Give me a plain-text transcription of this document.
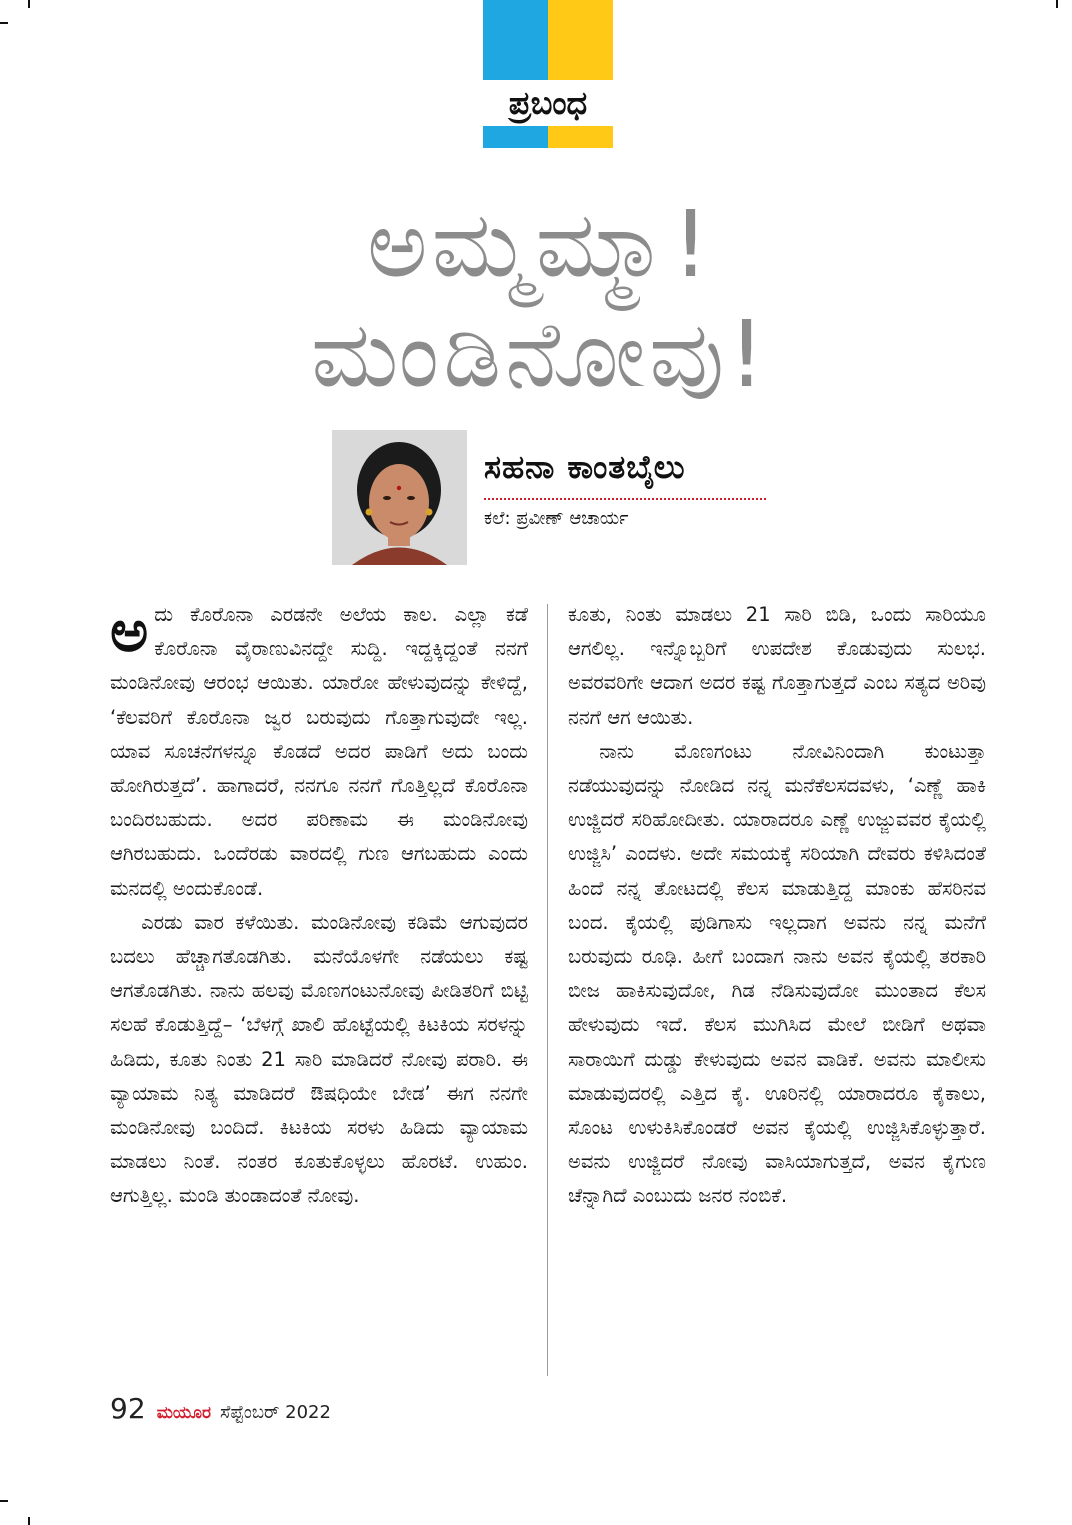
ಪ್ರಬಂಧ
ಅಮ್ಮಮ್ಮಾ!
ಮಂಡಿನೋವು!
ಸಹನಾ ಕಾಂತಬೈಲು
ಕಲೆ: ಪ್ರವೀಣ್ ಆಚಾರ್ಯ

ಅದು ಕೊರೊನಾ ಎರಡನೇ ಅಲೆಯ ಕಾಲ. ಎಲ್ಲಾ ಕಡೆ ಕೊರೊನಾ ವೈರಾಣುವಿನದ್ದೇ ಸುದ್ದಿ. ಇದ್ದಕ್ಕಿದ್ದಂತೆ ನನಗೆ ಮಂಡಿನೋವು ಆರಂಭ ಆಯಿತು. ಯಾರೋ ಹೇಳುವುದನ್ನು ಕೇಳಿದ್ದೆ, ‘ಕೆಲವರಿಗೆ ಕೊರೊನಾ ಜ್ವರ ಬರುವುದು ಗೊತ್ತಾಗುವುದೇ ಇಲ್ಲ. ಯಾವ ಸೂಚನೆಗಳನ್ನೂ ಕೊಡದೆ ಅದರ ಪಾಡಿಗೆ ಅದು ಬಂದು ಹೋಗಿರುತ್ತದೆ’. ಹಾಗಾದರೆ, ನನಗೂ ನನಗೆ ಗೊತ್ತಿಲ್ಲದೆ ಕೊರೊನಾ ಬಂದಿರಬಹುದು. ಅದರ ಪರಿಣಾಮ ಈ ಮಂಡಿನೋವು ಆಗಿರಬಹುದು. ಒಂದೆರಡು ವಾರದಲ್ಲಿ ಗುಣ ಆಗಬಹುದು ಎಂದು ಮನದಲ್ಲಿ ಅಂದುಕೊಂಡೆ.

ಎರಡು ವಾರ ಕಳೆಯಿತು. ಮಂಡಿನೋವು ಕಡಿಮೆ ಆಗುವುದರ ಬದಲು ಹೆಚ್ಚಾಗತೊಡಗಿತು. ಮನೆಯೊಳಗೇ ನಡೆಯಲು ಕಷ್ಟ ಆಗತೊಡಗಿತು. ನಾನು ಹಲವು ಮೊಣಗಂಟುನೋವು ಪೀಡಿತರಿಗೆ ಬಿಟ್ಟಿ ಸಲಹೆ ಕೊಡುತ್ತಿದ್ದೆ– ‘ಬೆಳಗ್ಗೆ ಖಾಲಿ ಹೊಟ್ಟೆಯಲ್ಲಿ ಕಿಟಕಿಯ ಸರಳನ್ನು ಹಿಡಿದು, ಕೂತು ನಿಂತು 21 ಸಾರಿ ಮಾಡಿದರೆ ನೋವು ಪರಾರಿ. ಈ ವ್ಯಾಯಾಮ ನಿತ್ಯ ಮಾಡಿದರೆ ಔಷಧಿಯೇ ಬೇಡ’ ಈಗ ನನಗೇ ಮಂಡಿನೋವು ಬಂದಿದೆ. ಕಿಟಕಿಯ ಸರಳು ಹಿಡಿದು ವ್ಯಾಯಾಮ ಮಾಡಲು ನಿಂತೆ. ನಂತರ ಕೂತುಕೊಳ್ಳಲು ಹೊರಟೆ. ಉಹುಂ. ಆಗುತ್ತಿಲ್ಲ. ಮಂಡಿ ತುಂಡಾದಂತೆ ನೋವು.

ಕೂತು, ನಿಂತು ಮಾಡಲು 21 ಸಾರಿ ಬಿಡಿ, ಒಂದು ಸಾರಿಯೂ ಆಗಲಿಲ್ಲ. ಇನ್ನೊಬ್ಬರಿಗೆ ಉಪದೇಶ ಕೊಡುವುದು ಸುಲಭ. ಅವರವರಿಗೇ ಆದಾಗ ಅದರ ಕಷ್ಟ ಗೊತ್ತಾಗುತ್ತದೆ ಎಂಬ ಸತ್ಯದ ಅರಿವು ನನಗೆ ಆಗ ಆಯಿತು.

ನಾನು ಮೊಣಗಂಟು ನೋವಿನಿಂದಾಗಿ ಕುಂಟುತ್ತಾ ನಡೆಯುವುದನ್ನು ನೋಡಿದ ನನ್ನ ಮನೆಕೆಲಸದವಳು, ‘ಎಣ್ಣೆ ಹಾಕಿ ಉಜ್ಜಿದರೆ ಸರಿಹೋದೀತು. ಯಾರಾದರೂ ಎಣ್ಣೆ ಉಜ್ಜುವವರ ಕೈಯಲ್ಲಿ ಉಜ್ಜಿಸಿ’ ಎಂದಳು. ಅದೇ ಸಮಯಕ್ಕೆ ಸರಿಯಾಗಿ ದೇವರು ಕಳಿಸಿದಂತೆ ಹಿಂದೆ ನನ್ನ ತೋಟದಲ್ಲಿ ಕೆಲಸ ಮಾಡುತ್ತಿದ್ದ ಮಾಂಕು ಹೆಸರಿನವ ಬಂದ. ಕೈಯಲ್ಲಿ ಪುಡಿಗಾಸು ಇಲ್ಲದಾಗ ಅವನು ನನ್ನ ಮನೆಗೆ ಬರುವುದು ರೂಢಿ. ಹೀಗೆ ಬಂದಾಗ ನಾನು ಅವನ ಕೈಯಲ್ಲಿ ತರಕಾರಿ ಬೀಜ ಹಾಕಿಸುವುದೋ, ಗಿಡ ನೆಡಿಸುವುದೋ ಮುಂತಾದ ಕೆಲಸ ಹೇಳುವುದು ಇದೆ. ಕೆಲಸ ಮುಗಿಸಿದ ಮೇಲೆ ಬೀಡಿಗೆ ಅಥವಾ ಸಾರಾಯಿಗೆ ದುಡ್ಡು ಕೇಳುವುದು ಅವನ ವಾಡಿಕೆ. ಅವನು ಮಾಲೀಸು ಮಾಡುವುದರಲ್ಲಿ ಎತ್ತಿದ ಕೈ. ಊರಿನಲ್ಲಿ ಯಾರಾದರೂ ಕೈಕಾಲು, ಸೊಂಟ ಉಳುಕಿಸಿಕೊಂಡರೆ ಅವನ ಕೈಯಲ್ಲಿ ಉಜ್ಜಿಸಿಕೊಳ್ಳುತ್ತಾರೆ. ಅವನು ಉಜ್ಜಿದರೆ ನೋವು ವಾಸಿಯಾಗುತ್ತದೆ, ಅವನ ಕೈಗುಣ ಚೆನ್ನಾಗಿದೆ ಎಂಬುದು ಜನರ ನಂಬಿಕೆ.

92 ಮಯೂರ ಸೆಪ್ಟೆಂಬರ್ 2022
